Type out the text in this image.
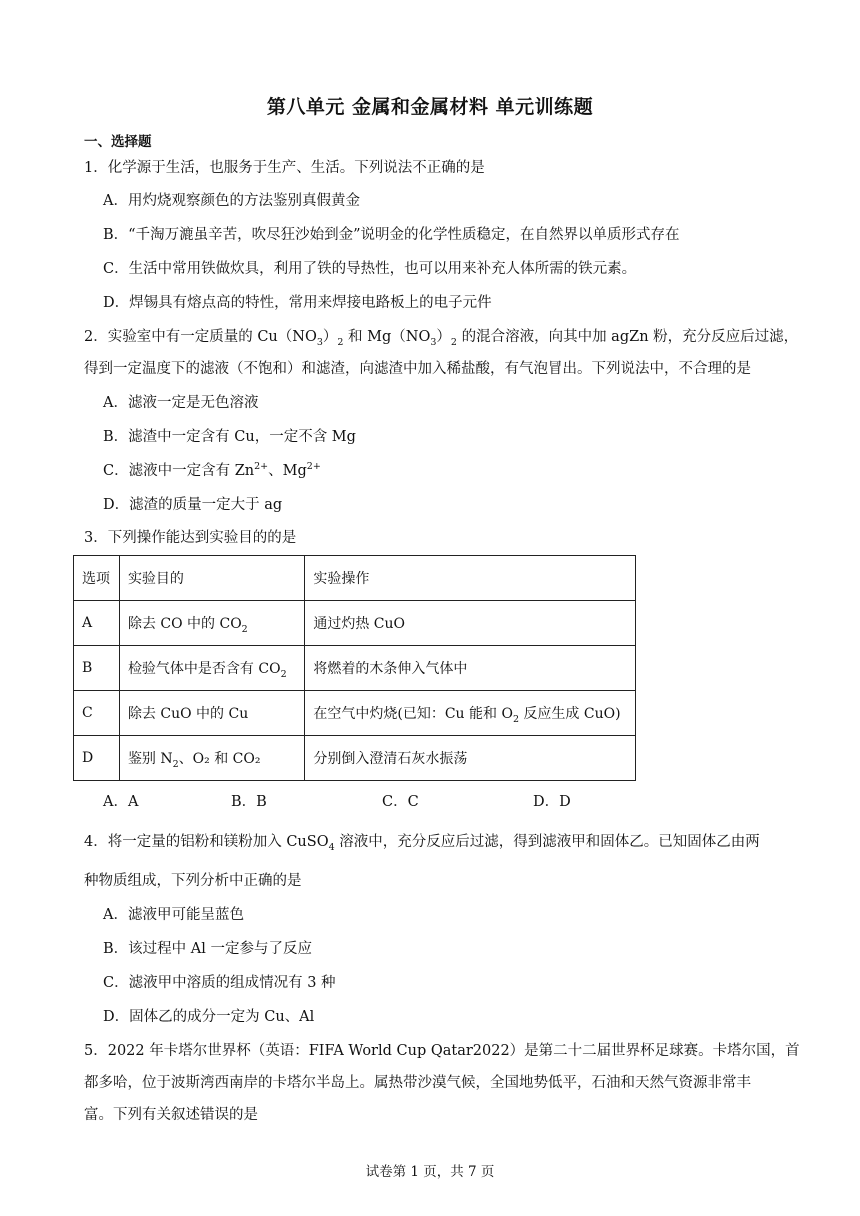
第八单元 金属和金属材料 单元训练题
一、选择题
1．化学源于生活，也服务于生产、生活。下列说法不正确的是
A．用灼烧观察颜色的方法鉴别真假黄金
B．“千淘万漉虽辛苦，吹尽狂沙始到金”说明金的化学性质稳定，在自然界以单质形式存在
C．生活中常用铁做炊具，利用了铁的导热性，也可以用来补充人体所需的铁元素。
D．焊锡具有熔点高的特性，常用来焊接电路板上的电子元件
2．实验室中有一定质量的 $Cu(NO_3)_2$ 和 $Mg(NO_3)_2$ 的混合溶液，向其中加 agZn 粉，充分反应后过滤，
得到一定温度下的滤液（不饱和）和滤渣，向滤渣中加入稀盐酸，有气泡冒出。下列说法中，不合理的是
A．滤液一定是无色溶液
B．滤渣中一定含有 Cu，一定不含 Mg
C．滤液中一定含有 $Zn^{2+}$、$Mg^{2+}$
D．滤渣的质量一定大于 ag
3．下列操作能达到实验目的的是
选项	实验目的	实验操作
A	除去 CO 中的 $CO_2$	通过灼热 CuO
B	检验气体中是否含有 $CO_2$	将燃着的木条伸入气体中
C	除去 CuO 中的 Cu	在空气中灼烧(已知：Cu 能和 $O_2$ 反应生成 CuO)
D	鉴别 $N_2$、O₂ 和 CO₂	分别倒入澄清石灰水振荡
A．A	B．B	C．C	D．D
4．将一定量的铝粉和镁粉加入 CuSO$_4$ 溶液中，充分反应后过滤，得到滤液甲和固体乙。已知固体乙由两
种物质组成，下列分析中正确的是
A．滤液甲可能呈蓝色
B．该过程中 Al 一定参与了反应
C．滤液甲中溶质的组成情况有 3 种
D．固体乙的成分一定为 Cu、Al
5．2022 年卡塔尔世界杯（英语：FIFA World Cup Qatar2022）是第二十二届世界杯足球赛。卡塔尔国，首
都多哈，位于波斯湾西南岸的卡塔尔半岛上。属热带沙漠气候，全国地势低平，石油和天然气资源非常丰
富。下列有关叙述错误的是
试卷第 1 页，共 7 页
